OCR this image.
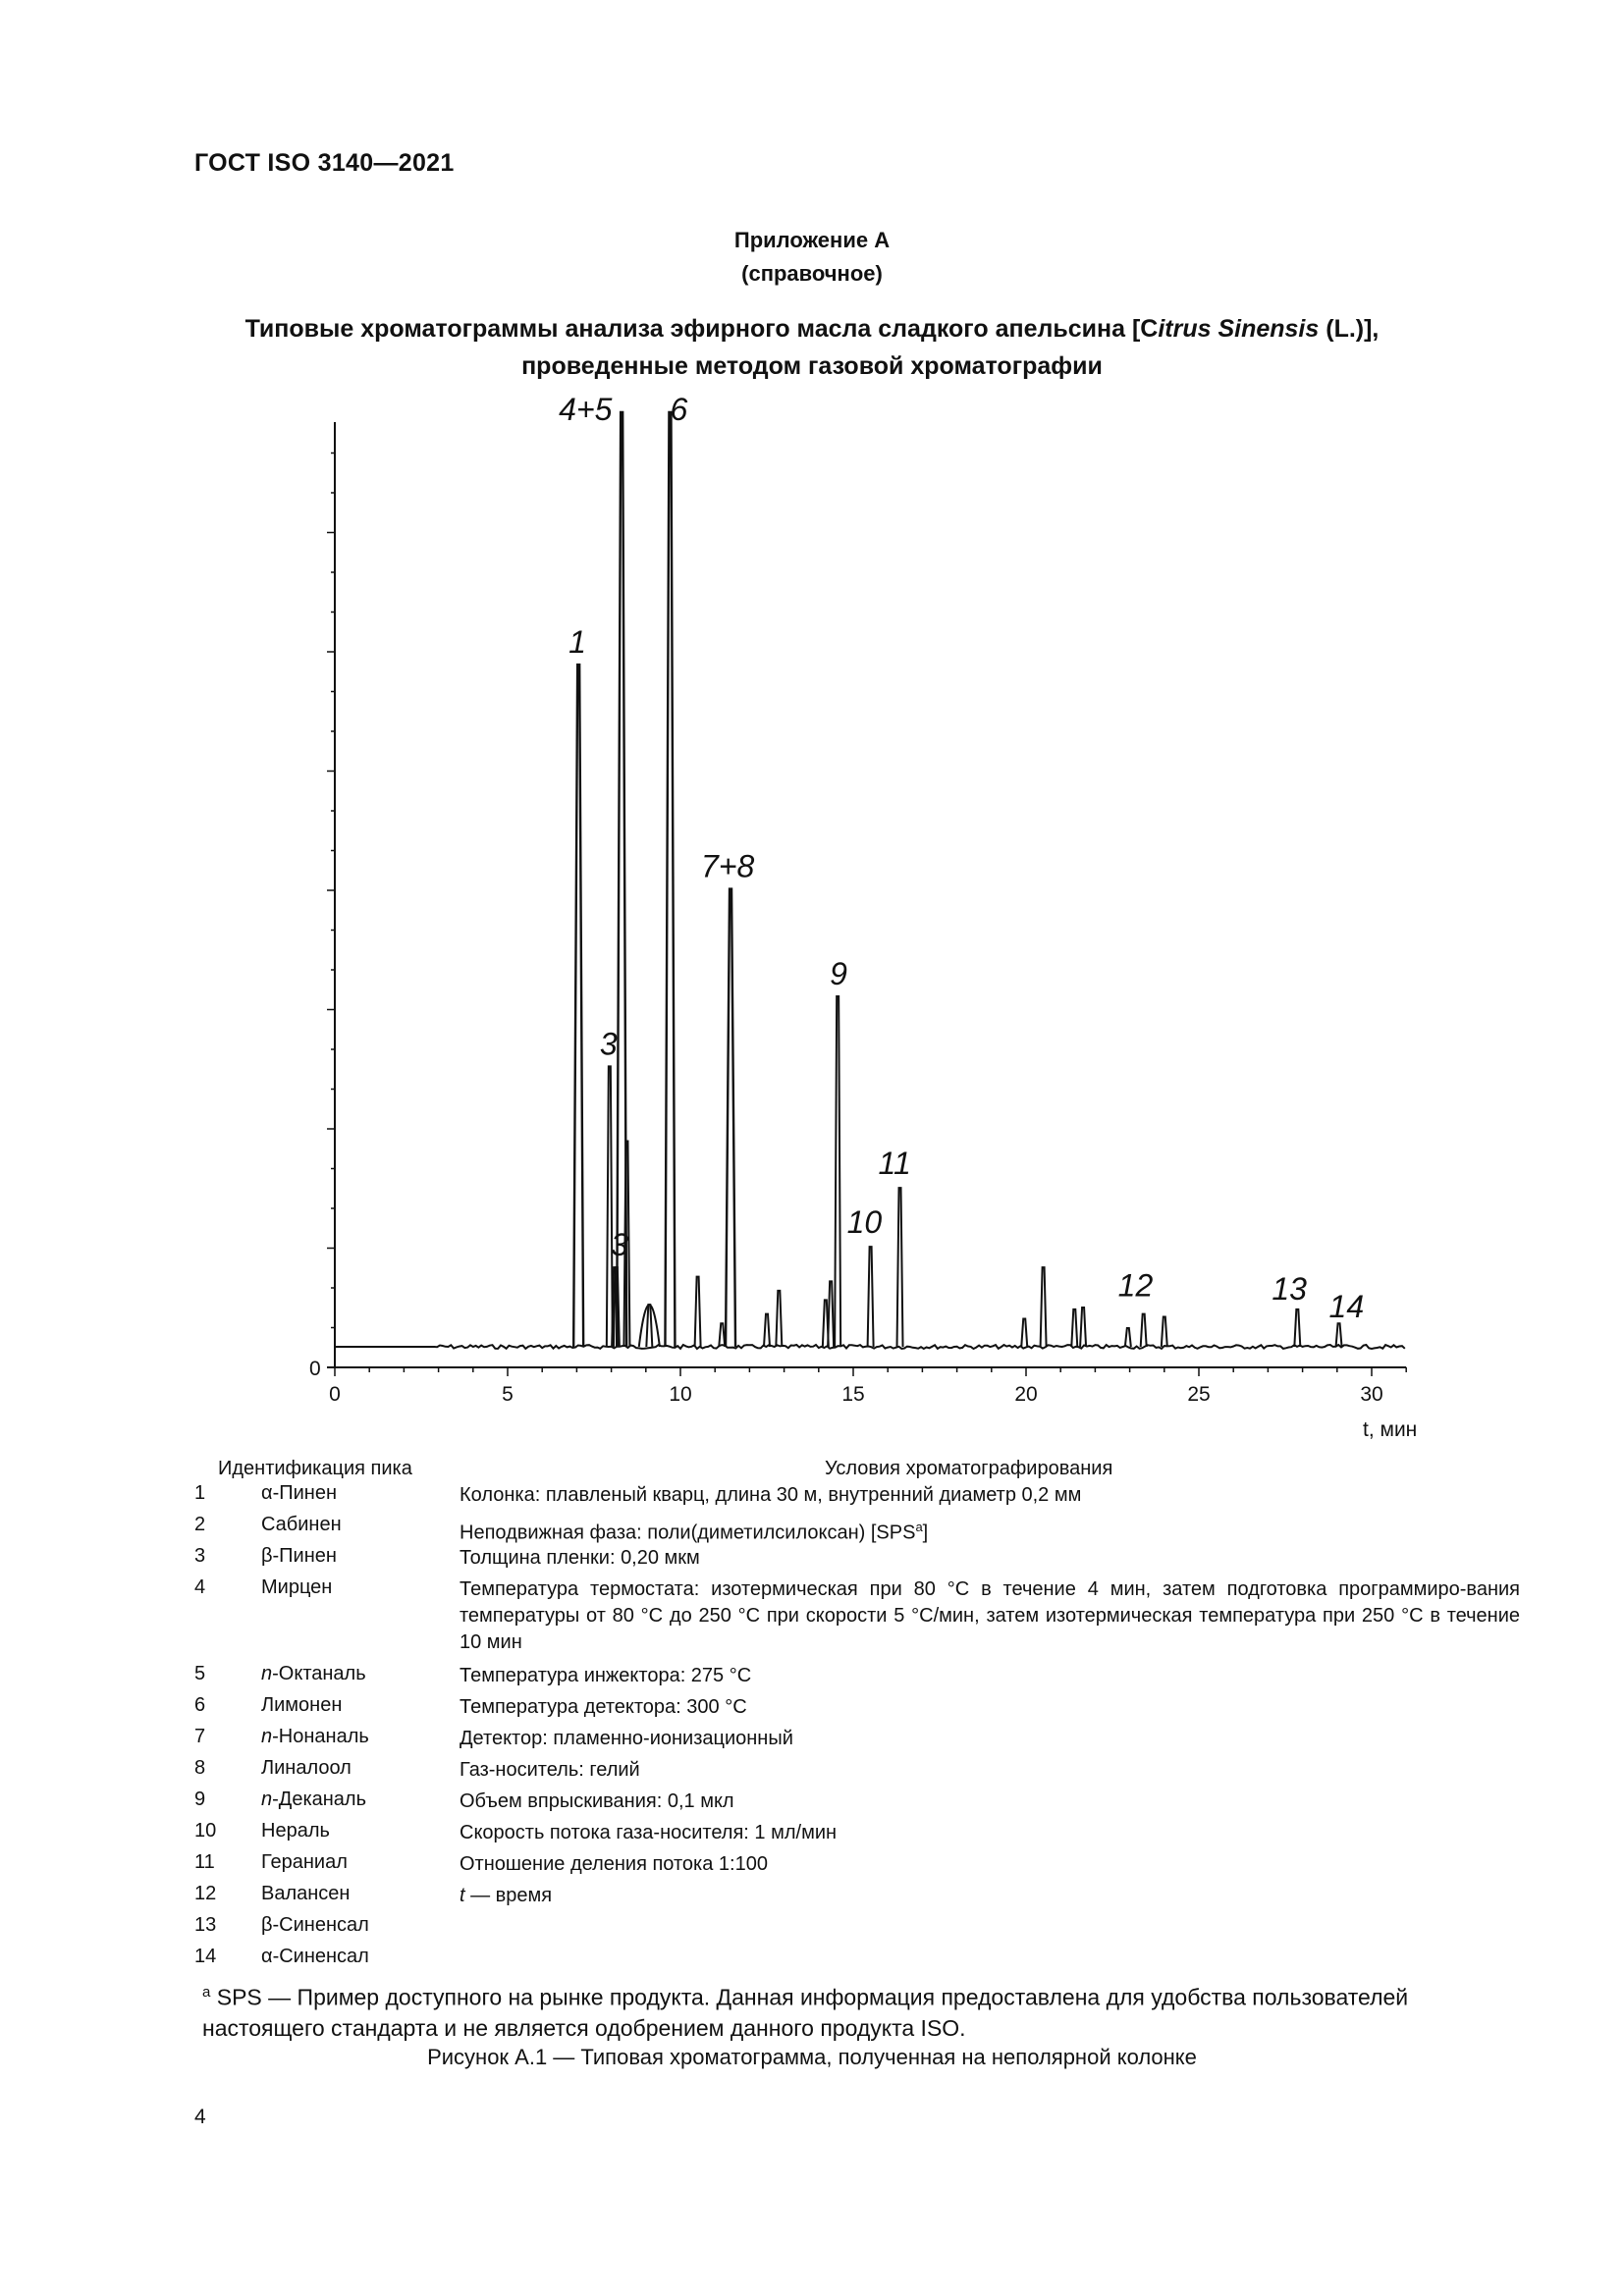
ГОСТ ISO 3140—2021
Приложение А
(справочное)
Типовые хроматограммы анализа эфирного масла сладкого апельсина [Citrus Sinensis (L.)],
проведенные методом газовой хроматографии
0
0	5	10	15	20	25	30
1
3
3
4+5 6
7+8
9
10
11
12	13
14
t, мин
Идентификация пика	Условия хроматографирования
1	α-Пинен
2	Сабинен
3	β-Пинен
4	Мирцен
5	n-Октаналь
6	Лимонен
7	n-Нонаналь
8	Линалоол
9	n-Деканаль
10 Нераль
11 Гераниал
12 Валансен
13 β-Синенсал
14 α-Синенсал
Колонка: плавленый кварц, длина 30 м, внутренний диаметр 0,2 мм
Неподвижная фаза: поли(диметилсилоксан) [SPS$^a$]
Толщина пленки: 0,20 мкм
Температура термостата: изотермическая при 80 °C в течение 4 мин, затем подготовка программиро-вания температуры от 80 °C до 250 °C при скорости 5 °C/мин, затем изотермическая температура при 250 °C в течение 10 мин
Температура инжектора: 275 °C
Температура детектора: 300 °C
Детектор: пламенно-ионизационный
Газ-носитель: гелий
Объем впрыскивания: 0,1 мкл
Скорость потока газа-носителя: 1 мл/мин
Отношение деления потока 1:100
t — время
$^a$ SPS — Пример доступного на рынке продукта. Данная информация предоставлена для удобства пользователей настоящего стандарта и не является одобрением данного продукта ISO.
Рисунок А.1 — Типовая хроматограмма, полученная на неполярной колонке
4
